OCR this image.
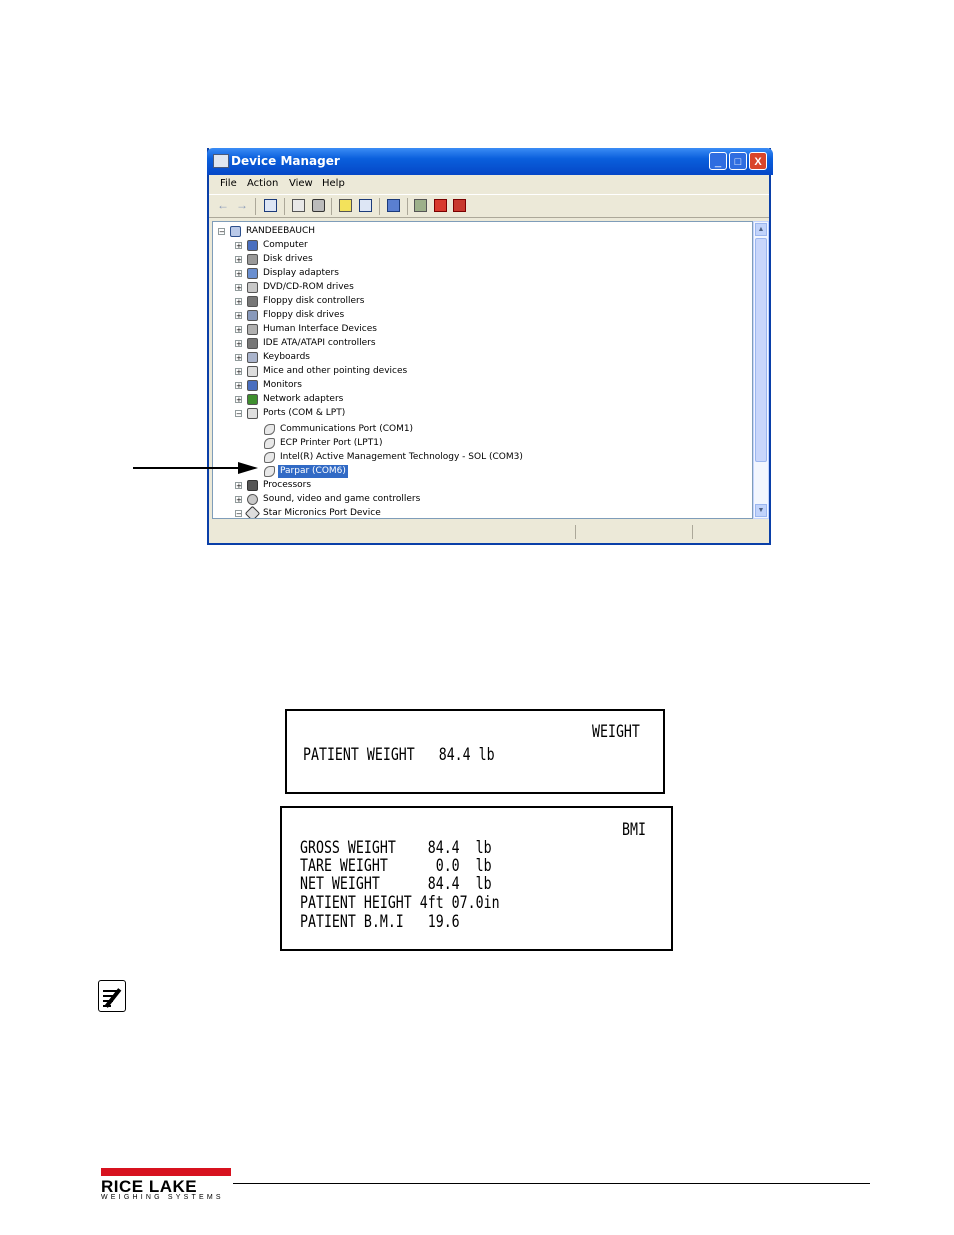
Device Manager	_	□	X
File Action View Help
← →
− RANDEEBAUCH
+ Computer
+ Disk drives
+ Display adapters
+ DVD/CD-ROM drives
+ Floppy disk controllers
+ Floppy disk drives
+ Human Interface Devices
+ IDE ATA/ATAPI controllers
+ Keyboards
+ Mice and other pointing devices
+ Monitors
+ Network adapters
− Ports (COM & LPT)
Communications Port (COM1)
ECP Printer Port (LPT1)
Intel(R) Active Management Technology - SOL (COM3)
Parpar (COM6)
+ Processors
+ Sound, video and game controllers
− Star Micronics Port Device
▲
▼
WEIGHT
PATIENT WEIGHT   84.4 lb
BMI
GROSS WEIGHT    84.4  lb
TARE WEIGHT      0.0  lb
NET WEIGHT      84.4  lb
PATIENT HEIGHT 4ft 07.0in
PATIENT B.M.I   19.6
RICE LAKE
WEIGHING SYSTEMS
